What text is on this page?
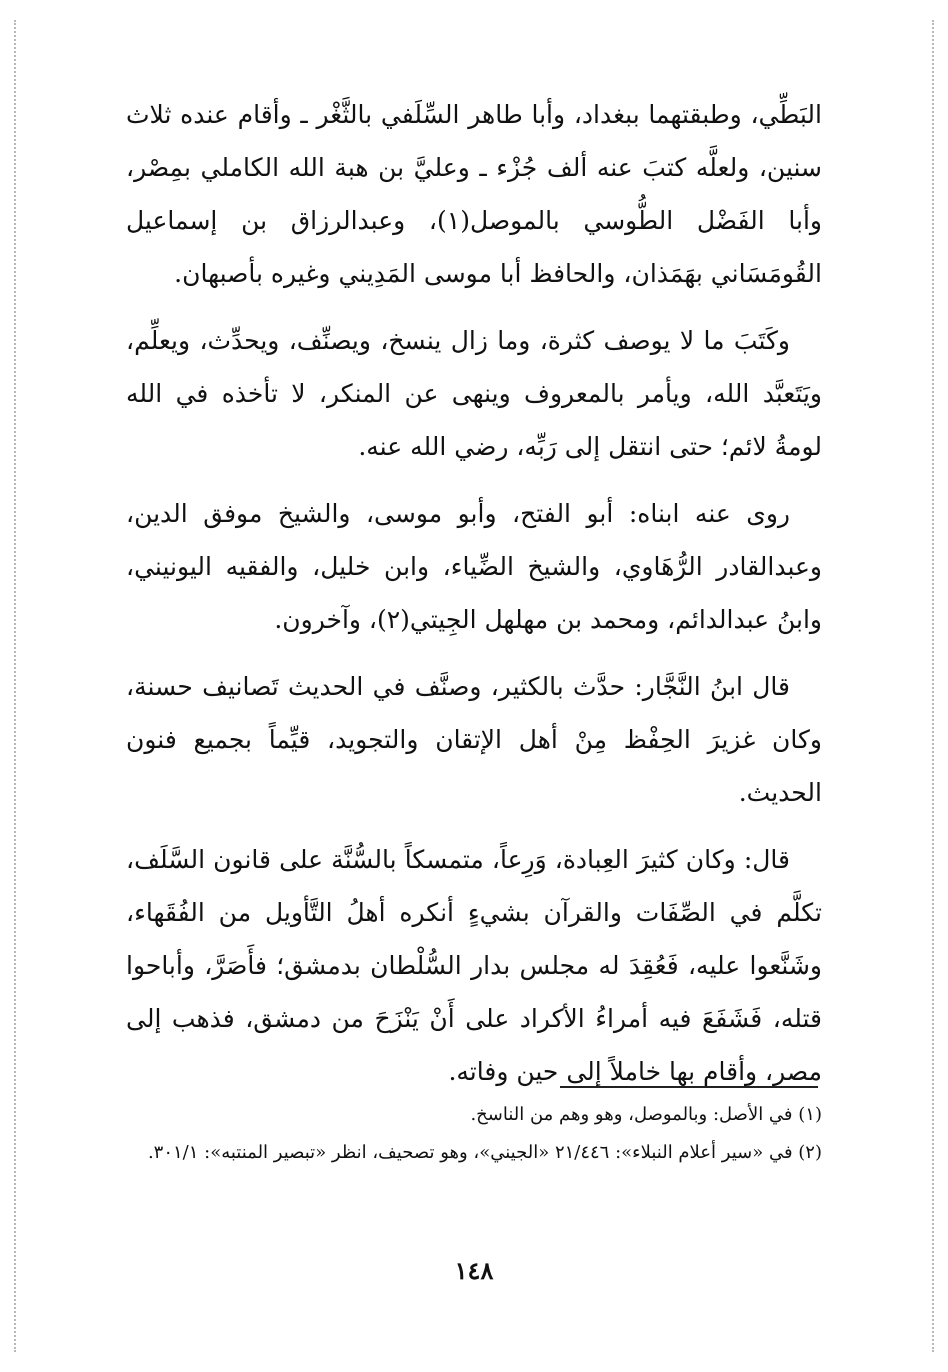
البَطِّي، وطبقتهما ببغداد، وأبا طاهر السِّلَفي بالثَّغْر ـ وأقام عنده ثلاث سنين، ولعلَّه كتبَ عنه ألف جُزْء ـ وعليَّ بن هبة الله الكاملي بمِصْر، وأبا الفَضْل الطُّوسي بالموصل(١)، وعبدالرزاق بن إسماعيل القُومَسَاني بهَمَذان، والحافظ أبا موسى المَدِيني وغيره بأصبهان.

وكَتَبَ ما لا يوصف كثرة، وما زال ينسخ، ويصنِّف، ويحدِّث، ويعلِّم، ويَتَعبَّد الله، ويأمر بالمعروف وينهى عن المنكر، لا تأخذه في الله لومةُ لائم؛ حتى انتقل إلى رَبِّه، رضي الله عنه.

روى عنه ابناه: أبو الفتح، وأبو موسى، والشيخ موفق الدين، وعبدالقادر الرُّهَاوي، والشيخ الضِّياء، وابن خليل، والفقيه اليونيني، وابنُ عبدالدائم، ومحمد بن مهلهل الجِيتي(٢)، وآخرون.

قال ابنُ النَّجَّار: حدَّث بالكثير، وصنَّف في الحديث تَصانيف حسنة، وكان غزيرَ الحِفْظ مِنْ أهل الإتقان والتجويد، قيِّماً بجميع فنون الحديث.

قال: وكان كثيرَ العِبادة، وَرِعاً، متمسكاً بالسُّنَّة على قانون السَّلَف، تكلَّم في الصِّفَات والقرآن بشيءٍ أنكره أهلُ التَّأويل من الفُقَهاء، وشَنَّعوا عليه، فَعُقِدَ له مجلس بدار السُّلْطان بدمشق؛ فأَصَرَّ، وأباحوا قتله، فَشَفَعَ فيه أمراءُ الأكراد على أَنْ يَنْزَحَ من دمشق، فذهب إلى مصر، وأقام بها خاملاً إلى حين وفاته.

(١) في الأصل: وبالموصل، وهو وهم من الناسخ.

(٢) في «سير أعلام النبلاء»: ٢١/٤٤٦ «الجيني»، وهو تصحيف، انظر «تبصير المنتبه»: ٣٠١/١.

١٤٨
